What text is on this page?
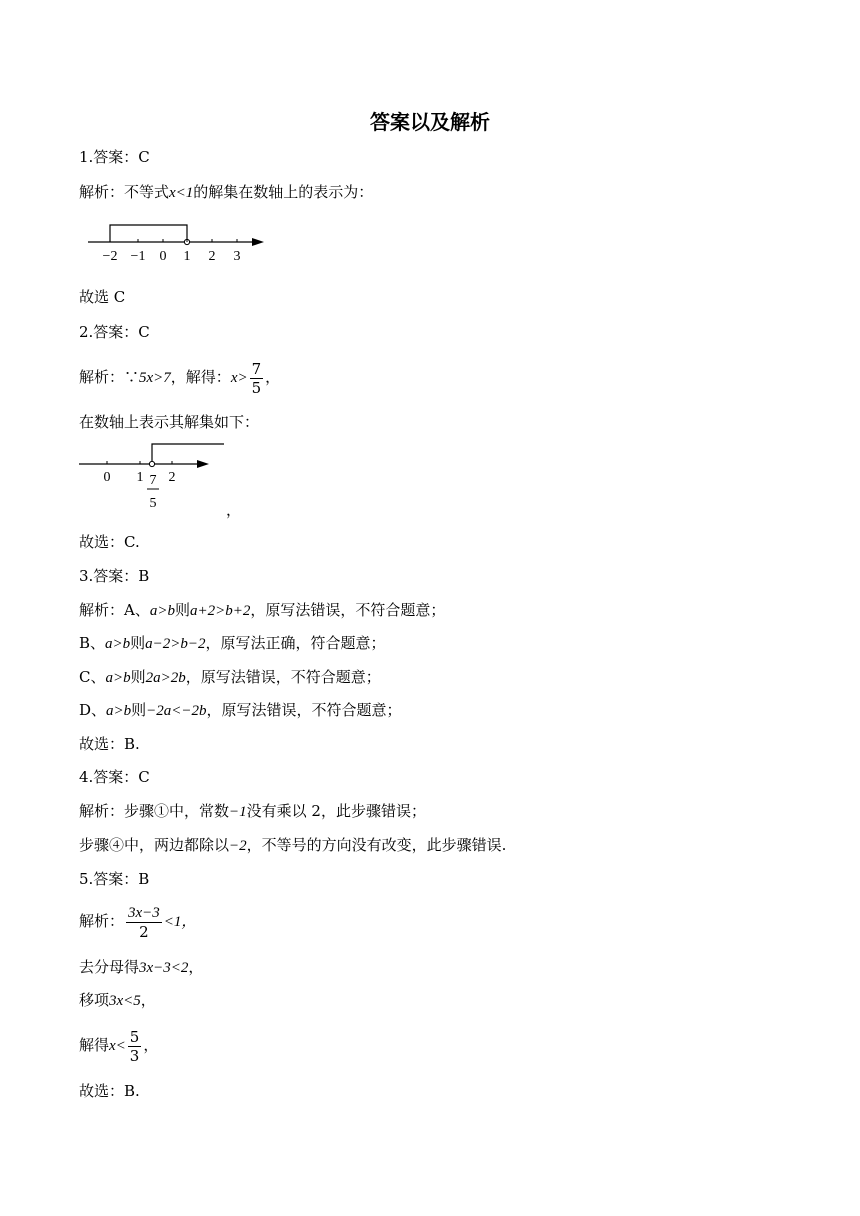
答案以及解析
1.答案：C
解析：不等式x<1的解集在数轴上的表示为：
−2 −1 0 1 2 3
故选 C
2.答案：C
解析：∵5x>7，解得：$x> \frac{7}{5}$ ，
在数轴上表示其解集如下：
0 1 2
7
5	，
故选：C.
3.答案：B
解析：A、a>b则a+2>b+2，原写法错误，不符合题意；
B、a>b则a−2>b−2，原写法正确，符合题意；
C、a>b则2a>2b，原写法错误，不符合题意；
D、a>b则−2a<−2b，原写法错误，不符合题意；
故选：B.
4.答案：C
解析：步骤①中，常数−1没有乘以 2，此步骤错误；
步骤④中，两边都除以−2，不等号的方向没有改变，此步骤错误.
5.答案：B
解析： $\frac{3x-3}{2} <1$，
去分母得3x−3<2，
移项3x<5，
解得$x< \frac{5}{3}$ ，
故选：B.
